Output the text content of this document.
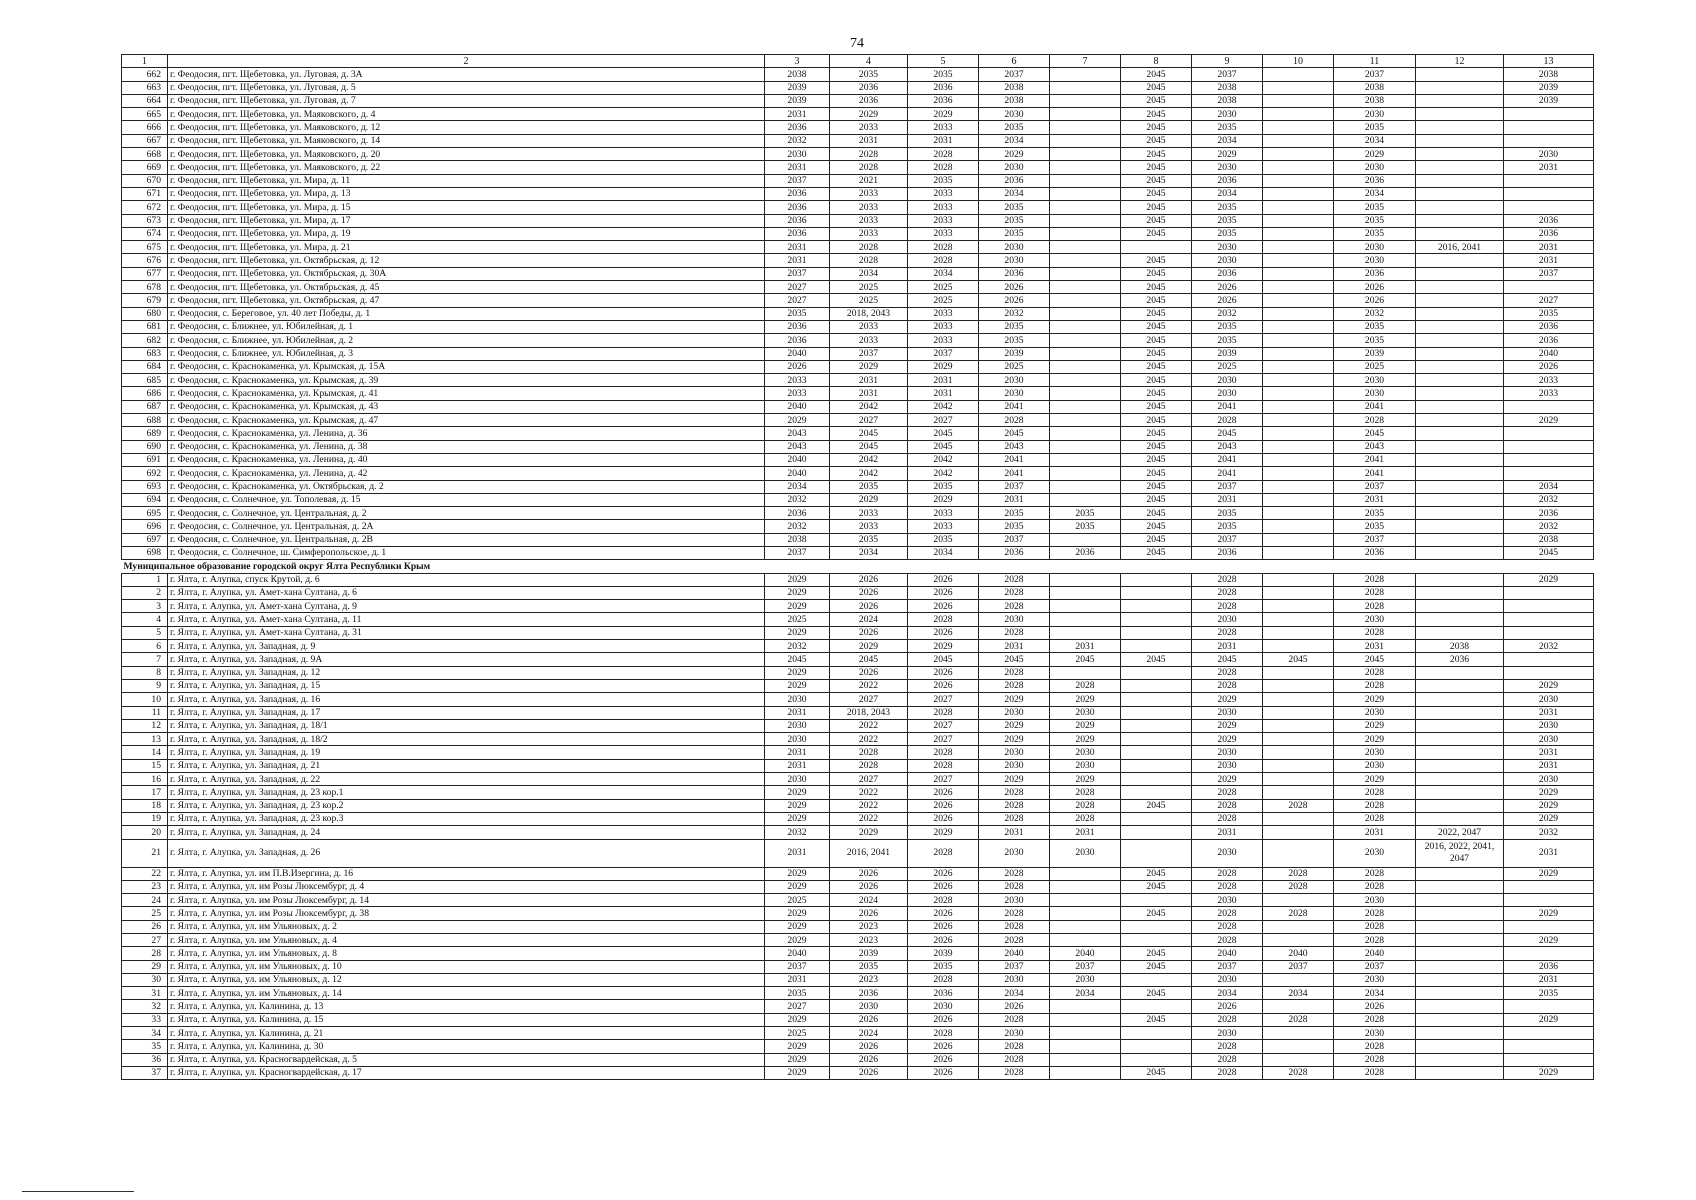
74
1	2	3	4	5	6	7	8	9	10	11	12	13
662	г. Феодосия, пгт. Щебетовка, ул. Луговая, д. 3А	2038	2035	2035	2037		2045	2037		2037		2038
663	г. Феодосия, пгт. Щебетовка, ул. Луговая, д. 5	2039	2036	2036	2038		2045	2038		2038		2039
664	г. Феодосия, пгт. Щебетовка, ул. Луговая, д. 7	2039	2036	2036	2038		2045	2038		2038		2039
665	г. Феодосия, пгт. Щебетовка, ул. Маяковского, д. 4	2031	2029	2029	2030		2045	2030		2030		
666	г. Феодосия, пгт. Щебетовка, ул. Маяковского, д. 12	2036	2033	2033	2035		2045	2035		2035		
667	г. Феодосия, пгт. Щебетовка, ул. Маяковского, д. 14	2032	2031	2031	2034		2045	2034		2034		
668	г. Феодосия, пгт. Щебетовка, ул. Маяковского, д. 20	2030	2028	2028	2029		2045	2029		2029		2030
669	г. Феодосия, пгт. Щебетовка, ул. Маяковского, д. 22	2031	2028	2028	2030		2045	2030		2030		2031
670	г. Феодосия, пгт. Щебетовка, ул. Мира, д. 11	2037	2021	2035	2036		2045	2036		2036		
671	г. Феодосия, пгт. Щебетовка, ул. Мира, д. 13	2036	2033	2033	2034		2045	2034		2034		
672	г. Феодосия, пгт. Щебетовка, ул. Мира, д. 15	2036	2033	2033	2035		2045	2035		2035		
673	г. Феодосия, пгт. Щебетовка, ул. Мира, д. 17	2036	2033	2033	2035		2045	2035		2035		2036
674	г. Феодосия, пгт. Щебетовка, ул. Мира, д. 19	2036	2033	2033	2035		2045	2035		2035		2036
675	г. Феодосия, пгт. Щебетовка, ул. Мира, д. 21	2031	2028	2028	2030			2030		2030	2016, 2041	2031
676	г. Феодосия, пгт. Щебетовка, ул. Октябрьская, д. 12	2031	2028	2028	2030		2045	2030		2030		2031
677	г. Феодосия, пгт. Щебетовка, ул. Октябрьская, д. 30А	2037	2034	2034	2036		2045	2036		2036		2037
678	г. Феодосия, пгт. Щебетовка, ул. Октябрьская, д. 45	2027	2025	2025	2026		2045	2026		2026		
679	г. Феодосия, пгт. Щебетовка, ул. Октябрьская, д. 47	2027	2025	2025	2026		2045	2026		2026		2027
680	г. Феодосия, с. Береговое, ул. 40 лет Победы, д. 1	2035	2018, 2043	2033	2032		2045	2032		2032		2035
681	г. Феодосия, с. Ближнее, ул. Юбилейная, д. 1	2036	2033	2033	2035		2045	2035		2035		2036
682	г. Феодосия, с. Ближнее, ул. Юбилейная, д. 2	2036	2033	2033	2035		2045	2035		2035		2036
683	г. Феодосия, с. Ближнее, ул. Юбилейная, д. 3	2040	2037	2037	2039		2045	2039		2039		2040
684	г. Феодосия, с. Краснокаменка, ул. Крымская, д. 15А	2026	2029	2029	2025		2045	2025		2025		2026
685	г. Феодосия, с. Краснокаменка, ул. Крымская, д. 39	2033	2031	2031	2030		2045	2030		2030		2033
686	г. Феодосия, с. Краснокаменка, ул. Крымская, д. 41	2033	2031	2031	2030		2045	2030		2030		2033
687	г. Феодосия, с. Краснокаменка, ул. Крымская, д. 43	2040	2042	2042	2041		2045	2041		2041		
688	г. Феодосия, с. Краснокаменка, ул. Крымская, д. 47	2029	2027	2027	2028		2045	2028		2028		2029
689	г. Феодосия, с. Краснокаменка, ул. Ленина, д. 36	2043	2045	2045	2045		2045	2045		2045		
690	г. Феодосия, с. Краснокаменка, ул. Ленина, д. 38	2043	2045	2045	2043		2045	2043		2043		
691	г. Феодосия, с. Краснокаменка, ул. Ленина, д. 40	2040	2042	2042	2041		2045	2041		2041		
692	г. Феодосия, с. Краснокаменка, ул. Ленина, д. 42	2040	2042	2042	2041		2045	2041		2041		
693	г. Феодосия, с. Краснокаменка, ул. Октябрьская, д. 2	2034	2035	2035	2037		2045	2037		2037		2034
694	г. Феодосия, с. Солнечное, ул. Тополевая, д. 15	2032	2029	2029	2031		2045	2031		2031		2032
695	г. Феодосия, с. Солнечное, ул. Центральная, д. 2	2036	2033	2033	2035	2035	2045	2035		2035		2036
696	г. Феодосия, с. Солнечное, ул. Центральная, д. 2А	2032	2033	2033	2035	2035	2045	2035		2035		2032
697	г. Феодосия, с. Солнечное, ул. Центральная, д. 2В	2038	2035	2035	2037		2045	2037		2037		2038
698	г. Феодосия, с. Солнечное, ш. Симферопольское, д. 1	2037	2034	2034	2036	2036	2045	2036		2036		2045
Муниципальное образование городской округ Ялта Республики Крым												
1	г. Ялта, г. Алупка, спуск Крутой, д. 6	2029	2026	2026	2028			2028		2028		2029
2	г. Ялта, г. Алупка, ул. Амет-хана Султана, д. 6	2029	2026	2026	2028			2028		2028		
3	г. Ялта, г. Алупка, ул. Амет-хана Султана, д. 9	2029	2026	2026	2028			2028		2028		
4	г. Ялта, г. Алупка, ул. Амет-хана Султана, д. 11	2025	2024	2028	2030			2030		2030		
5	г. Ялта, г. Алупка, ул. Амет-хана Султана, д. 31	2029	2026	2026	2028			2028		2028		
6	г. Ялта, г. Алупка, ул. Западная, д. 9	2032	2029	2029	2031	2031		2031		2031	2038	2032
7	г. Ялта, г. Алупка, ул. Западная, д. 9А	2045	2045	2045	2045	2045	2045	2045	2045	2045	2036	
8	г. Ялта, г. Алупка, ул. Западная, д. 12	2029	2026	2026	2028			2028		2028		
9	г. Ялта, г. Алупка, ул. Западная, д. 15	2029	2022	2026	2028	2028		2028		2028		2029
10	г. Ялта, г. Алупка, ул. Западная, д. 16	2030	2027	2027	2029	2029		2029		2029		2030
11	г. Ялта, г. Алупка, ул. Западная, д. 17	2031	2018, 2043	2028	2030	2030		2030		2030		2031
12	г. Ялта, г. Алупка, ул. Западная, д. 18/1	2030	2022	2027	2029	2029		2029		2029		2030
13	г. Ялта, г. Алупка, ул. Западная, д. 18/2	2030	2022	2027	2029	2029		2029		2029		2030
14	г. Ялта, г. Алупка, ул. Западная, д. 19	2031	2028	2028	2030	2030		2030		2030		2031
15	г. Ялта, г. Алупка, ул. Западная, д. 21	2031	2028	2028	2030	2030		2030		2030		2031
16	г. Ялта, г. Алупка, ул. Западная, д. 22	2030	2027	2027	2029	2029		2029		2029		2030
17	г. Ялта, г. Алупка, ул. Западная, д. 23 кор.1	2029	2022	2026	2028	2028		2028		2028		2029
18	г. Ялта, г. Алупка, ул. Западная, д. 23 кор.2	2029	2022	2026	2028	2028	2045	2028	2028	2028		2029
19	г. Ялта, г. Алупка, ул. Западная, д. 23 кор.3	2029	2022	2026	2028	2028		2028		2028		2029
20	г. Ялта, г. Алупка, ул. Западная, д. 24	2032	2029	2029	2031	2031		2031		2031	2022, 2047	2032
21	г. Ялта, г. Алупка, ул. Западная, д. 26	2031	2016, 2041	2028	2030	2030		2030		2030	2016, 2022, 2041, 2047	2031
22	г. Ялта, г. Алупка, ул. им П.В.Изергина, д. 16	2029	2026	2026	2028		2045	2028	2028	2028		2029
23	г. Ялта, г. Алупка, ул. им Розы Люксембург, д. 4	2029	2026	2026	2028		2045	2028	2028	2028		
24	г. Ялта, г. Алупка, ул. им Розы Люксембург, д. 14	2025	2024	2028	2030			2030		2030		
25	г. Ялта, г. Алупка, ул. им Розы Люксембург, д. 38	2029	2026	2026	2028		2045	2028	2028	2028		2029
26	г. Ялта, г. Алупка, ул. им Ульяновых, д. 2	2029	2023	2026	2028			2028		2028		
27	г. Ялта, г. Алупка, ул. им Ульяновых, д. 4	2029	2023	2026	2028			2028		2028		2029
28	г. Ялта, г. Алупка, ул. им Ульяновых, д. 8	2040	2039	2039	2040	2040	2045	2040	2040	2040		
29	г. Ялта, г. Алупка, ул. им Ульяновых, д. 10	2037	2035	2035	2037	2037	2045	2037	2037	2037		2036
30	г. Ялта, г. Алупка, ул. им Ульяновых, д. 12	2031	2023	2028	2030	2030		2030		2030		2031
31	г. Ялта, г. Алупка, ул. им Ульяновых, д. 14	2035	2036	2036	2034	2034	2045	2034	2034	2034		2035
32	г. Ялта, г. Алупка, ул. Калинина, д. 13	2027	2030	2030	2026			2026		2026		
33	г. Ялта, г. Алупка, ул. Калинина, д. 15	2029	2026	2026	2028		2045	2028	2028	2028		2029
34	г. Ялта, г. Алупка, ул. Калинина, д. 21	2025	2024	2028	2030			2030		2030		
35	г. Ялта, г. Алупка, ул. Калинина, д. 30	2029	2026	2026	2028			2028		2028		
36	г. Ялта, г. Алупка, ул. Красногвардейская, д. 5	2029	2026	2026	2028			2028		2028		
37	г. Ялта, г. Алупка, ул. Красногвардейская, д. 17	2029	2026	2026	2028		2045	2028	2028	2028		2029
